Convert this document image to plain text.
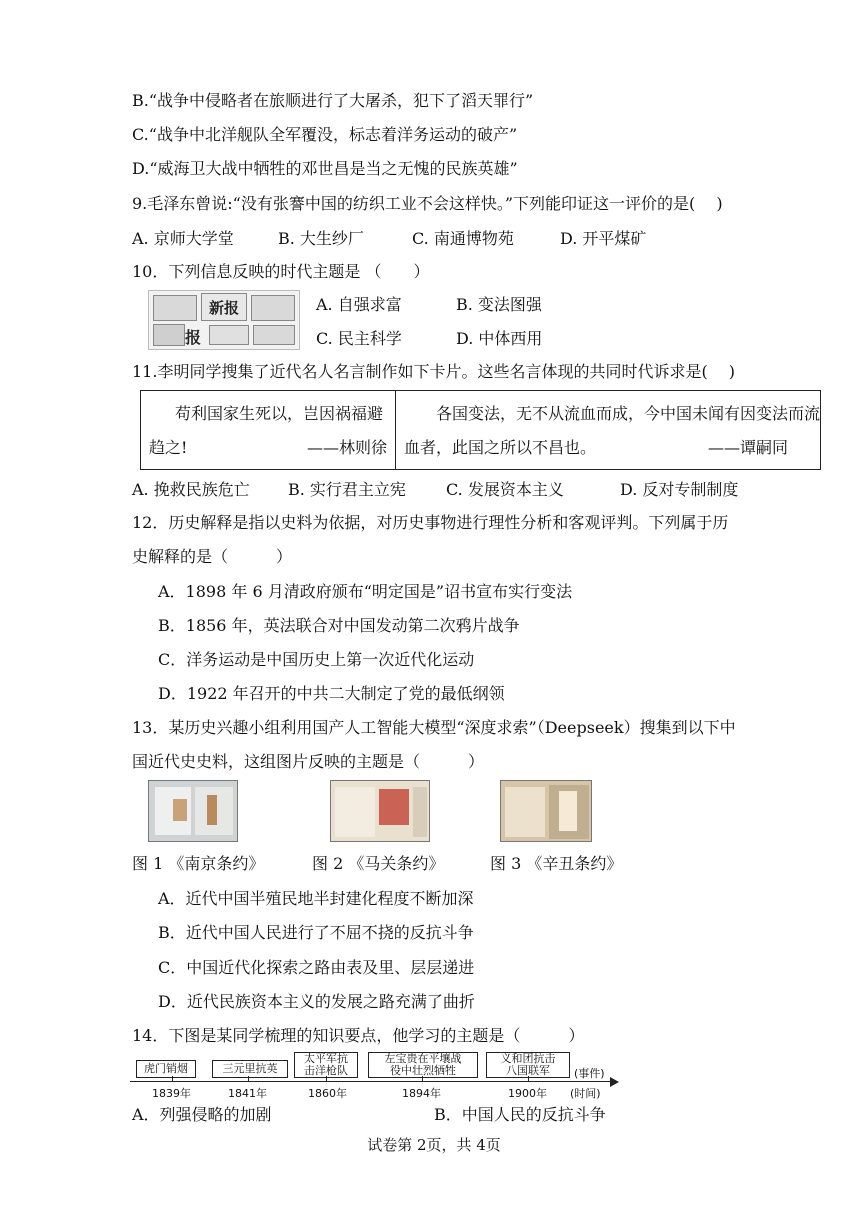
B.“战争中侵略者在旅顺进行了大屠杀，犯下了滔天罪行”
C.“战争中北洋舰队全军覆没，标志着洋务运动的破产”
D.“威海卫大战中牺牲的邓世昌是当之无愧的民族英雄”
9.毛泽东曾说:“没有张謇中国的纺织工业不会这样快。”下列能印证这一评价的是(　 )
A. 京师大学堂	B. 大生纱厂	C. 南通博物苑	D. 开平煤矿
10．下列信息反映的时代主题是 （　　）
新报
报
A. 自强求富	B. 变法图强
C. 民主科学	D. 中体西用
11.李明同学搜集了近代名人名言制作如下卡片。这些名言体现的共同时代诉求是(　 )
苟利国家生死以，岂因祸福避
趋之!	——林则徐
各国变法，无不从流血而成，今中国未闻有因变法而流
血者，此国之所以不昌也。	——谭嗣同
A. 挽救民族危亡 B. 实行君主立宪	C. 发展资本主义	D. 反对专制制度
12．历史解释是指以史料为依据，对历史事物进行理性分析和客观评判。下列属于历
史解释的是（　　　）
A．1898 年 6 月清政府颁布“明定国是”诏书宣布实行变法
B．1856 年，英法联合对中国发动第二次鸦片战争
C．洋务运动是中国历史上第一次近代化运动
D．1922 年召开的中共二大制定了党的最低纲领
13．某历史兴趣小组利用国产人工智能大模型“深度求索”（Deepseek）搜集到以下中
国近代史史料，这组图片反映的主题是（　　　）
图 1 《南京条约》	图 2 《马关条约》	图 3 《辛丑条约》
A．近代中国半殖民地半封建化程度不断加深
B．近代中国人民进行了不屈不挠的反抗斗争
C．中国近代化探索之路由表及里、层层递进
D．近代民族资本主义的发展之路充满了曲折
14．下图是某同学梳理的知识要点，他学习的主题是（　　　）
虎门销烟	三元里抗英
太平军抗
击洋枪队
左宝贵在平壤战
役中壮烈牺牲
义和团抗击
八国联军	(事件)
1839年	1841年	1860年	1894年	1900年 (时间)
A．列强侵略的加剧	B．中国人民的反抗斗争
试卷第 2页，共 4页
